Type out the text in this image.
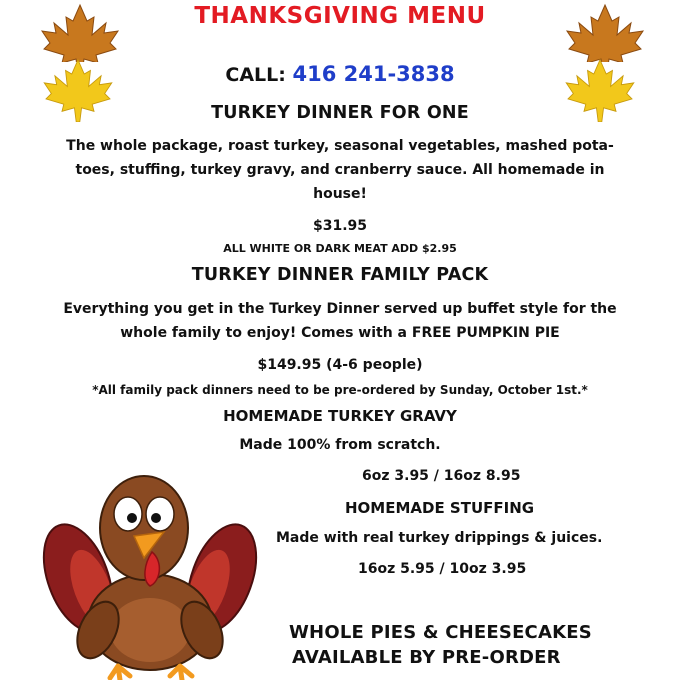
THANKSGIVING MENU
CALL: 416 241-3838
TURKEY DINNER FOR ONE
The whole package, roast turkey, seasonal vegetables, mashed pota-
toes, stuffing, turkey gravy, and cranberry sauce. All homemade in
house!
$31.95
ALL WHITE OR DARK MEAT ADD $2.95
TURKEY DINNER FAMILY PACK
Everything you get in the Turkey Dinner served up buffet style for the
whole family to enjoy! Comes with a FREE PUMPKIN PIE
$149.95 (4-6 people)
*All family pack dinners need to be pre-ordered by Sunday, October 1st.*
HOMEMADE TURKEY GRAVY
Made 100% from scratch.
6oz 3.95 / 16oz 8.95
HOMEMADE STUFFING
Made with real turkey drippings & juices.
16oz 5.95 / 10oz 3.95
WHOLE PIES & CHEESECAKES
AVAILABLE BY PRE-ORDER
